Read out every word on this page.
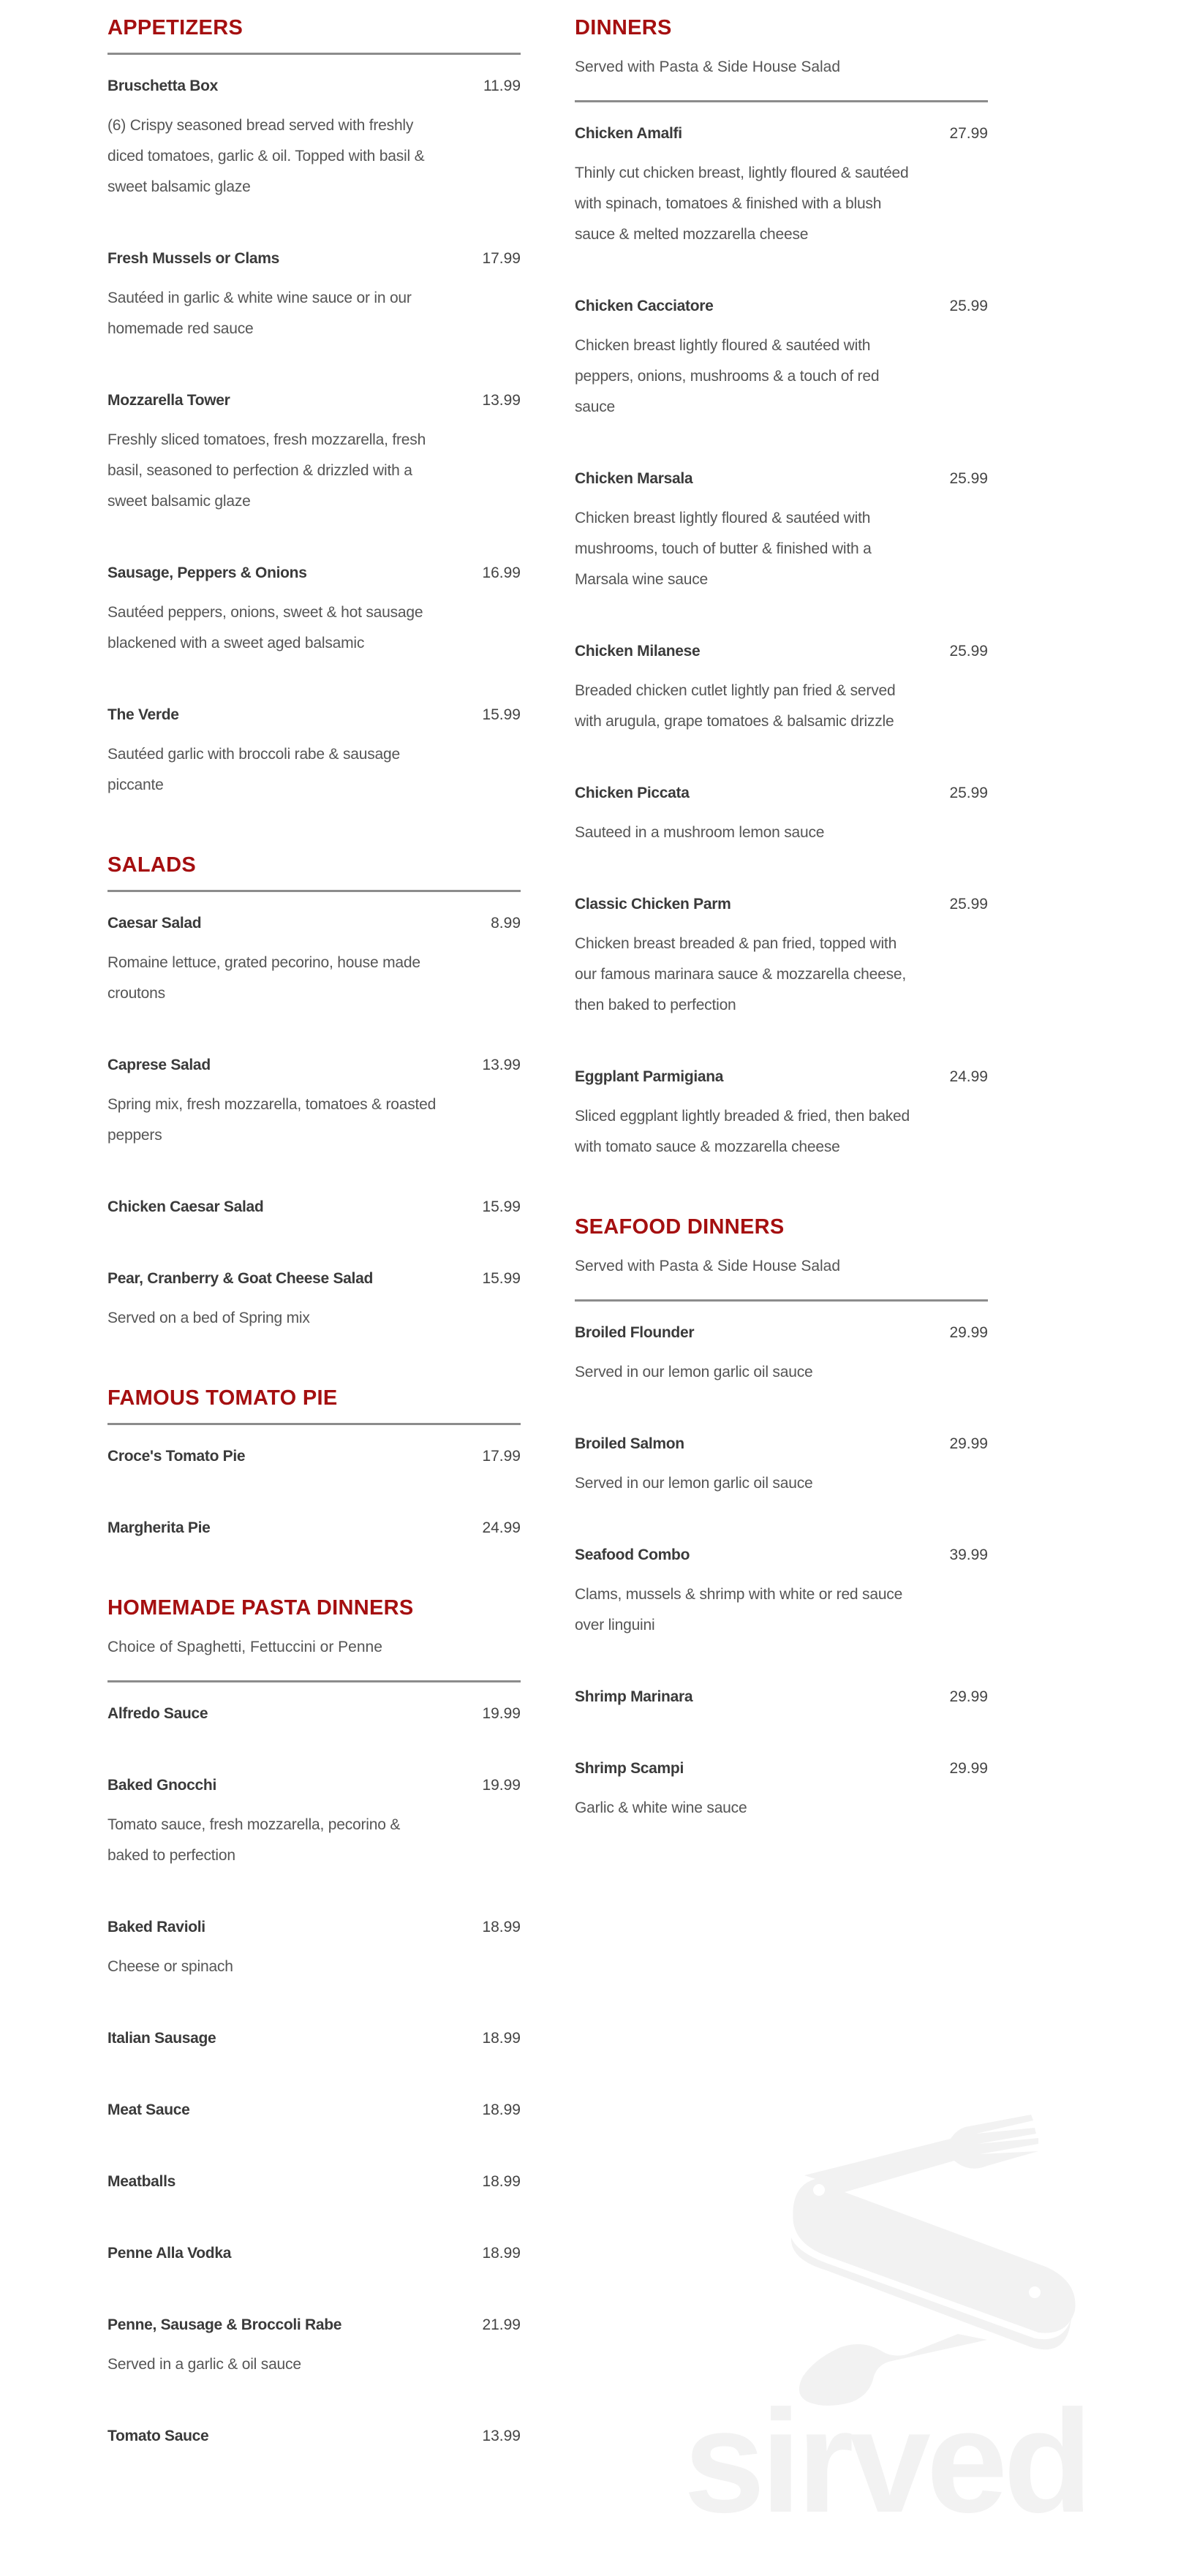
APPETIZERS
Bruschetta Box	11.99
(6) Crispy seasoned bread served with freshly diced tomatoes, garlic & oil. Topped with basil & sweet balsamic glaze
Fresh Mussels or Clams	17.99
Sautéed in garlic & white wine sauce or in our homemade red sauce
Mozzarella Tower	13.99
Freshly sliced tomatoes, fresh mozzarella, fresh basil, seasoned to perfection & drizzled with a sweet balsamic glaze
Sausage, Peppers & Onions	16.99
Sautéed peppers, onions, sweet & hot sausage blackened with a sweet aged balsamic
The Verde	15.99
Sautéed garlic with broccoli rabe & sausage piccante
SALADS
Caesar Salad	8.99
Romaine lettuce, grated pecorino, house made croutons
Caprese Salad	13.99
Spring mix, fresh mozzarella, tomatoes & roasted peppers
Chicken Caesar Salad	15.99
Pear, Cranberry & Goat Cheese Salad	15.99
Served on a bed of Spring mix
FAMOUS TOMATO PIE
Croce's Tomato Pie	17.99
Margherita Pie	24.99
HOMEMADE PASTA DINNERS
Choice of Spaghetti, Fettuccini or Penne
Alfredo Sauce	19.99
Baked Gnocchi	19.99
Tomato sauce, fresh mozzarella, pecorino & baked to perfection
Baked Ravioli	18.99
Cheese or spinach
Italian Sausage	18.99
Meat Sauce	18.99
Meatballs	18.99
Penne Alla Vodka	18.99
Penne, Sausage & Broccoli Rabe	21.99
Served in a garlic & oil sauce
Tomato Sauce	13.99
DINNERS
Served with Pasta & Side House Salad
Chicken Amalfi	27.99
Thinly cut chicken breast, lightly floured & sautéed with spinach, tomatoes & finished with a blush sauce & melted mozzarella cheese
Chicken Cacciatore	25.99
Chicken breast lightly floured & sautéed with peppers, onions, mushrooms & a touch of red sauce
Chicken Marsala	25.99
Chicken breast lightly floured & sautéed with mushrooms, touch of butter & finished with a Marsala wine sauce
Chicken Milanese	25.99
Breaded chicken cutlet lightly pan fried & served with arugula, grape tomatoes & balsamic drizzle
Chicken Piccata	25.99
Sauteed in a mushroom lemon sauce
Classic Chicken Parm	25.99
Chicken breast breaded & pan fried, topped with our famous marinara sauce & mozzarella cheese, then baked to perfection
Eggplant Parmigiana	24.99
Sliced eggplant lightly breaded & fried, then baked with tomato sauce & mozzarella cheese
SEAFOOD DINNERS
Served with Pasta & Side House Salad
Broiled Flounder	29.99
Served in our lemon garlic oil sauce
Broiled Salmon	29.99
Served in our lemon garlic oil sauce
Seafood Combo	39.99
Clams, mussels & shrimp with white or red sauce over linguini
Shrimp Marinara	29.99
Shrimp Scampi	29.99
Garlic & white wine sauce
sirved
